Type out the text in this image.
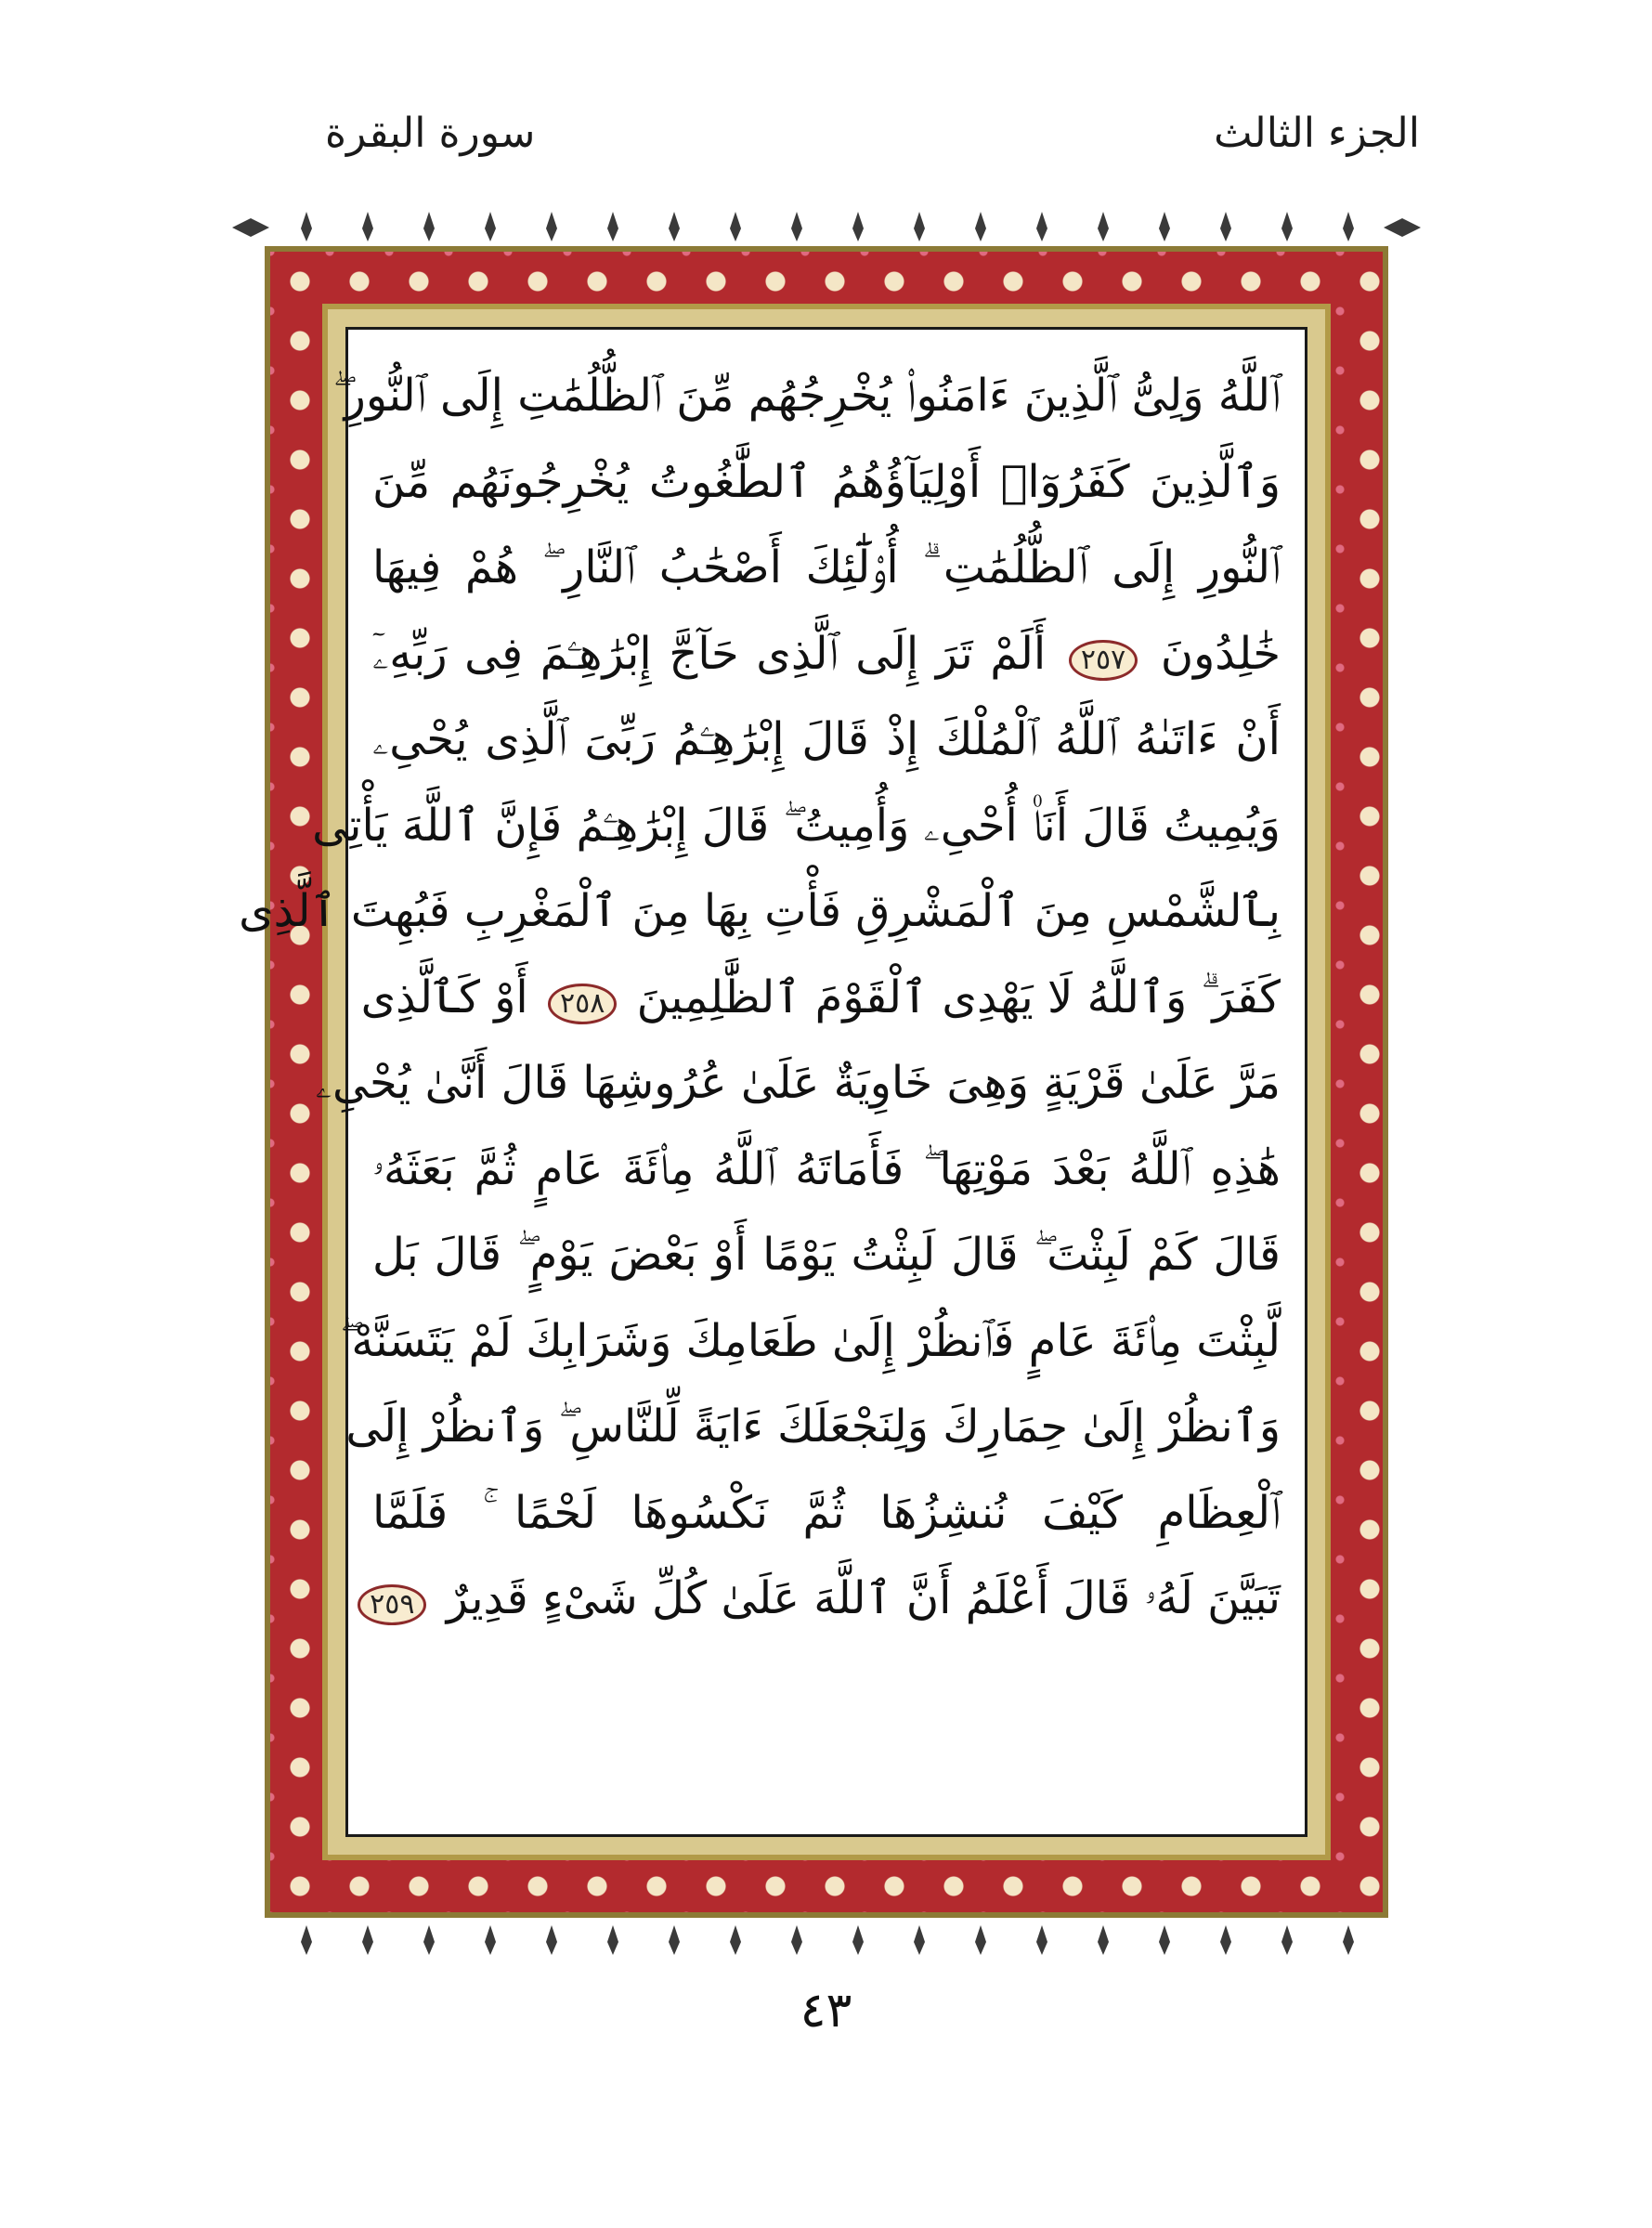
الجزء الثالث
سورة البقرة
ٱللَّهُ وَلِىُّ ٱلَّذِينَ ءَامَنُوا۟ يُخْرِجُهُم مِّنَ ٱلظُّلُمَٰتِ إِلَى ٱلنُّورِ ۖ
وَٱلَّذِينَ كَفَرُوٓا۟ أَوْلِيَآؤُهُمُ ٱلطَّٰغُوتُ يُخْرِجُونَهُم مِّنَ
ٱلنُّورِ إِلَى ٱلظُّلُمَٰتِ ۗ أُو۟لَٰٓئِكَ أَصْحَٰبُ ٱلنَّارِ ۖ هُمْ فِيهَا
خَٰلِدُونَ ٢٥٧ أَلَمْ تَرَ إِلَى ٱلَّذِى حَآجَّ إِبْرَٰهِـۧمَ فِى رَبِّهِۦٓ
أَنْ ءَاتَىٰهُ ٱللَّهُ ٱلْمُلْكَ إِذْ قَالَ إِبْرَٰهِـۧمُ رَبِّىَ ٱلَّذِى يُحْىِۦ
وَيُمِيتُ قَالَ أَنَا۠ أُحْىِۦ وَأُمِيتُ ۖ قَالَ إِبْرَٰهِـۧمُ فَإِنَّ ٱللَّهَ يَأْتِى
بِٱلشَّمْسِ مِنَ ٱلْمَشْرِقِ فَأْتِ بِهَا مِنَ ٱلْمَغْرِبِ فَبُهِتَ ٱلَّذِى
كَفَرَ ۗ وَٱللَّهُ لَا يَهْدِى ٱلْقَوْمَ ٱلظَّٰلِمِينَ ٢٥٨ أَوْ كَٱلَّذِى
مَرَّ عَلَىٰ قَرْيَةٍ وَهِىَ خَاوِيَةٌ عَلَىٰ عُرُوشِهَا قَالَ أَنَّىٰ يُحْىِۦ
هَٰذِهِ ٱللَّهُ بَعْدَ مَوْتِهَا ۖ فَأَمَاتَهُ ٱللَّهُ مِا۟ئَةَ عَامٍ ثُمَّ بَعَثَهُۥ
قَالَ كَمْ لَبِثْتَ ۖ قَالَ لَبِثْتُ يَوْمًا أَوْ بَعْضَ يَوْمٍ ۖ قَالَ بَل
لَّبِثْتَ مِا۟ئَةَ عَامٍ فَٱنظُرْ إِلَىٰ طَعَامِكَ وَشَرَابِكَ لَمْ يَتَسَنَّهْ ۖ
وَٱنظُرْ إِلَىٰ حِمَارِكَ وَلِنَجْعَلَكَ ءَايَةً لِّلنَّاسِ ۖ وَٱنظُرْ إِلَى
ٱلْعِظَامِ كَيْفَ نُنشِزُهَا ثُمَّ نَكْسُوهَا لَحْمًا ۚ فَلَمَّا
تَبَيَّنَ لَهُۥ قَالَ أَعْلَمُ أَنَّ ٱللَّهَ عَلَىٰ كُلِّ شَىْءٍ قَدِيرٌ ٢٥٩
٤٣
